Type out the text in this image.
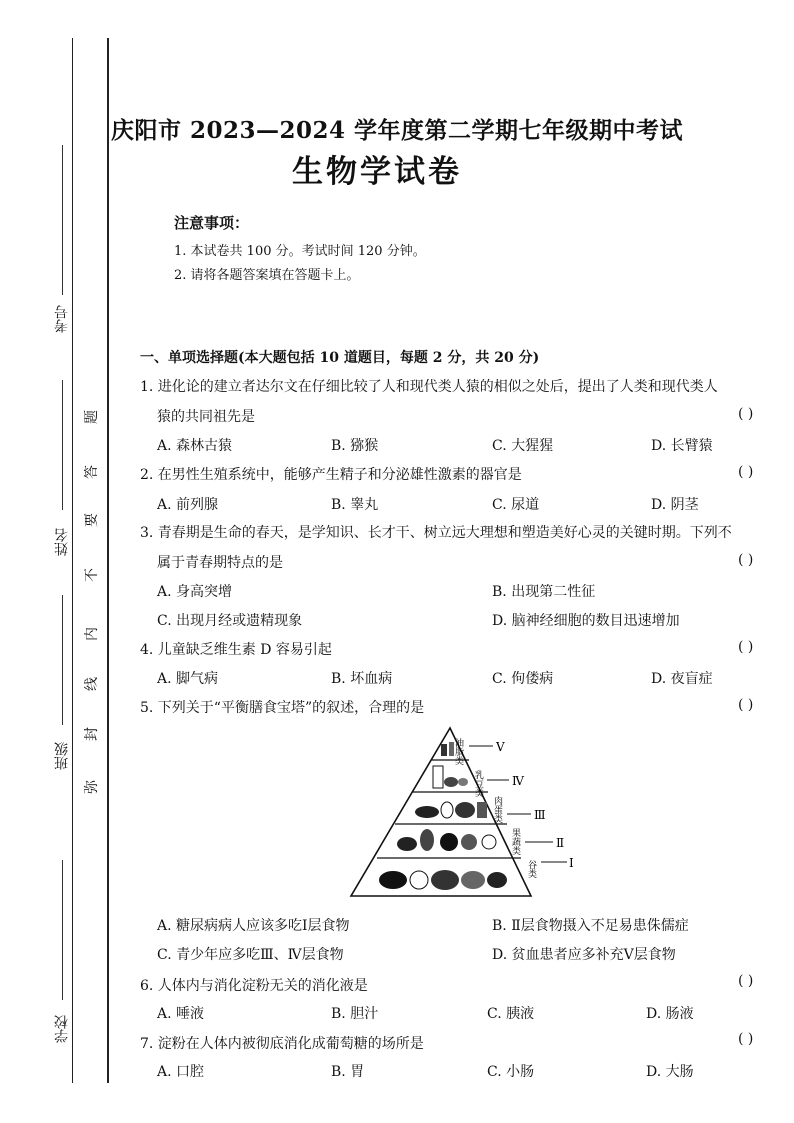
考号
姓名
班级
学校
弥
封
线
内
不
要
答
题
庆阳市 2023—2024 学年度第二学期七年级期中考试
生物学试卷
注意事项：
1. 本试卷共 100 分。考试时间 120 分钟。
2. 请将各题答案填在答题卡上。
一、单项选择题(本大题包括 10 道题目，每题 2 分，共 20 分)
1. 进化论的建立者达尔文在仔细比较了人和现代类人猿的相似之处后，提出了人类和现代类人
猿的共同祖先是	( )
A. 森林古猿	B. 猕猴	C. 大猩猩	D. 长臂猿
2. 在男性生殖系统中，能够产生精子和分泌雄性激素的器官是	( )
A. 前列腺	B. 睾丸	C. 尿道	D. 阴茎
3. 青春期是生命的春天，是学知识、长才干、树立远大理想和塑造美好心灵的关键时期。下列不
属于青春期特点的是	( )
A. 身高突增	B. 出现第二性征
C. 出现月经或遗精现象	D. 脑神经细胞的数目迅速增加
4. 儿童缺乏维生素 D 容易引起	( )
A. 脚气病	B. 坏血病	C. 佝偻病	D. 夜盲症
5. 下列关于“平衡膳食宝塔”的叙述，合理的是	( )
油脂类
乳豆类
肉蛋类
果蔬类
谷类
Ⅴ
Ⅳ
Ⅲ
Ⅱ
Ⅰ
A. 糖尿病病人应该多吃Ⅰ层食物	B. Ⅱ层食物摄入不足易患侏儒症
C. 青少年应多吃Ⅲ、Ⅳ层食物	D. 贫血患者应多补充Ⅴ层食物
6. 人体内与消化淀粉无关的消化液是	( )
A. 唾液	B. 胆汁	C. 胰液	D. 肠液
7. 淀粉在人体内被彻底消化成葡萄糖的场所是	( )
A. 口腔	B. 胃	C. 小肠	D. 大肠
